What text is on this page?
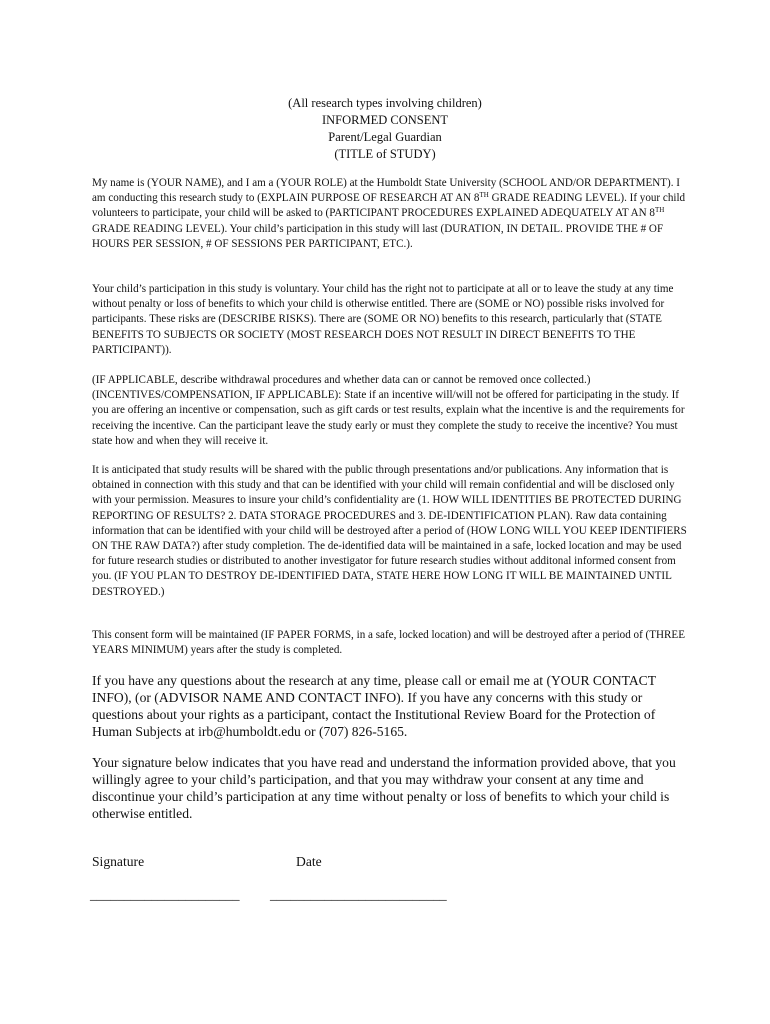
(All research types involving children)
INFORMED CONSENT
Parent/Legal Guardian
(TITLE of STUDY)

My name is (YOUR NAME), and I am a (YOUR ROLE) at the Humboldt State University (SCHOOL AND/OR DEPARTMENT). I am conducting this research study to (EXPLAIN PURPOSE OF RESEARCH AT AN 8TH GRADE READING LEVEL). If your child volunteers to participate, your child will be asked to (PARTICIPANT PROCEDURES EXPLAINED ADEQUATELY AT AN 8TH GRADE READING LEVEL). Your child’s participation in this study will last (DURATION, IN DETAIL. PROVIDE THE # OF HOURS PER SESSION, # OF SESSIONS PER PARTICIPANT, ETC.).

Your child’s participation in this study is voluntary. Your child has the right not to participate at all or to leave the study at any time without penalty or loss of benefits to which your child is otherwise entitled. There are (SOME or NO) possible risks involved for participants. These risks are (DESCRIBE RISKS). There are (SOME OR NO) benefits to this research, particularly that (STATE BENEFITS TO SUBJECTS OR SOCIETY (MOST RESEARCH DOES NOT RESULT IN DIRECT BENEFITS TO THE PARTICIPANT)).

(IF APPLICABLE, describe withdrawal procedures and whether data can or cannot be removed once collected.) (INCENTIVES/COMPENSATION, IF APPLICABLE): State if an incentive will/will not be offered for participating in the study. If you are offering an incentive or compensation, such as gift cards or test results, explain what the incentive is and the requirements for receiving the incentive. Can the participant leave the study early or must they complete the study to receive the incentive? You must state how and when they will receive it.

It is anticipated that study results will be shared with the public through presentations and/or publications. Any information that is obtained in connection with this study and that can be identified with your child will remain confidential and will be disclosed only with your permission. Measures to insure your child’s confidentiality are (1. HOW WILL IDENTITIES BE PROTECTED DURING REPORTING OF RESULTS? 2. DATA STORAGE PROCEDURES and 3. DE-IDENTIFICATION PLAN). Raw data containing information that can be identified with your child will be destroyed after a period of (HOW LONG WILL YOU KEEP IDENTIFIERS ON THE RAW DATA?) after study completion. The de-identified data will be maintained in a safe, locked location and may be used for future research studies or distributed to another investigator for future research studies without additonal informed consent from you. (IF YOU PLAN TO DESTROY DE-IDENTIFIED DATA, STATE HERE HOW LONG IT WILL BE MAINTAINED UNTIL DESTROYED.)

This consent form will be maintained (IF PAPER FORMS, in a safe, locked location) and will be destroyed after a period of (THREE YEARS MINIMUM) years after the study is completed.

If you have any questions about the research at any time, please call or email me at (YOUR CONTACT INFO), (or (ADVISOR NAME AND CONTACT INFO). If you have any concerns with this study or questions about your rights as a participant, contact the Institutional Review Board for the Protection of Human Subjects at irb@humboldt.edu or (707) 826-5165.

Your signature below indicates that you have read and understand the information provided above, that you willingly agree to your child’s participation, and that you may withdraw your consent at any time and discontinue your child’s participation at any time without penalty or loss of benefits to which your child is otherwise entitled.

Signature	Date
______________________ __________________________
